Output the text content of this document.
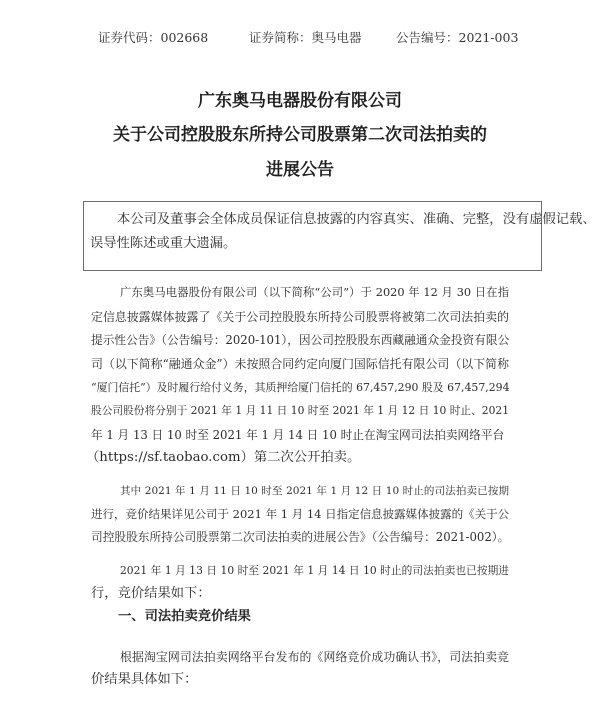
证券代码：002668	证券简称：奥马电器	公告编号：2021-003
广东奥马电器股份有限公司
关于公司控股股东所持公司股票第二次司法拍卖的
进展公告
本公司及董事会全体成员保证信息披露的内容真实、准确、完整，没有虚假记载、
误导性陈述或重大遗漏。
广东奥马电器股份有限公司（以下简称“公司”）于 2020 年 12 月 30 日在指
定信息披露媒体披露了《关于公司控股股东所持公司股票将被第二次司法拍卖的
提示性公告》（公告编号：2020-101），因公司控股股东西藏融通众金投资有限公
司（以下简称“融通众金”）未按照合同约定向厦门国际信托有限公司（以下简称
“厦门信托”）及时履行给付义务，其质押给厦门信托的 67,457,290 股及 67,457,294
股公司股份将分别于 2021 年 1 月 11 日 10 时至 2021 年 1 月 12 日 10 时止、2021
年 1 月 13 日 10 时至 2021 年 1 月 14 日 10 时止在淘宝网司法拍卖网络平台
（https://sf.taobao.com）第二次公开拍卖。
其中 2021 年 1 月 11 日 10 时至 2021 年 1 月 12 日 10 时止的司法拍卖已按期
进行，竞价结果详见公司于 2021 年 1 月 14 日指定信息披露媒体披露的《关于公
司控股股东所持公司股票第二次司法拍卖的进展公告》（公告编号：2021-002）。
2021 年 1 月 13 日 10 时至 2021 年 1 月 14 日 10 时止的司法拍卖也已按期进
行，竞价结果如下：
一、司法拍卖竞价结果
根据淘宝网司法拍卖网络平台发布的《网络竞价成功确认书》，司法拍卖竞
价结果具体如下：
